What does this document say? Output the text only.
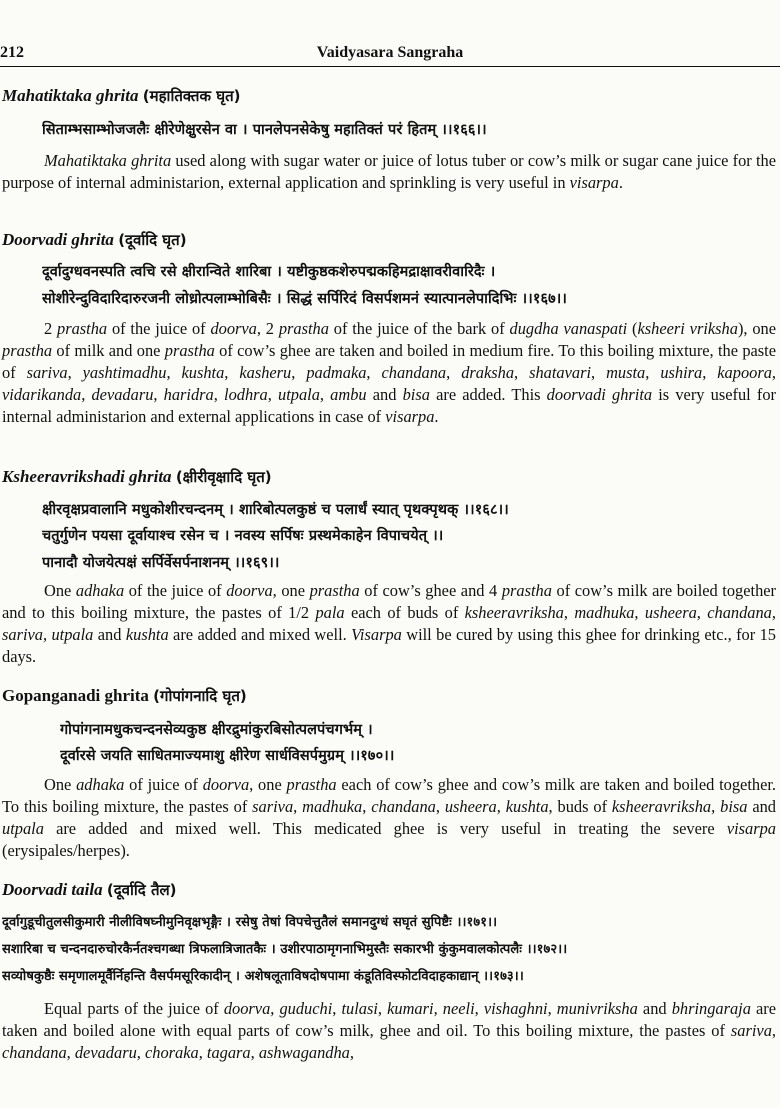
212	Vaidyasara Sangraha
Mahatiktaka ghrita (महातिक्तक घृत)
सिताम्भसाम्भोजजलैः क्षीरेणेक्षुरसेन वा । पानलेपनसेकेषु महातिक्तं परं हितम् ।।१६६।।

Mahatiktaka ghrita used along with sugar water or juice of lotus tuber or cow’s milk or sugar cane juice for the purpose of internal administarion, external application and sprinkling is very useful in visarpa.

Doorvadi ghrita (दूर्वादि घृत)
दूर्वादुग्धवनस्पति त्वचि रसे क्षीरान्विते शारिबा । यष्टीकुष्ठकशेरुपद्मकहिमद्राक्षावरीवारिदैः ।
सोशीरेन्दुविदारिदारुरजनी लोध्रोत्पलाम्भोबिसैः । सिद्धं सर्पिरिदं विसर्पशमनं स्यात्पानलेपादिभिः ।।१६७।।

2 prastha of the juice of doorva, 2 prastha of the juice of the bark of dugdha vanaspati (ksheeri vriksha), one prastha of milk and one prastha of cow’s ghee are taken and boiled in medium fire. To this boiling mixture, the paste of sariva, yashtimadhu, kushta, kasheru, padmaka, chandana, draksha, shatavari, musta, ushira, kapoora, vidarikanda, devadaru, haridra, lodhra, utpala, ambu and bisa are added. This doorvadi ghrita is very useful for internal administarion and external applications in case of visarpa.

Ksheeravrikshadi ghrita (क्षीरीवृक्षादि घृत)
क्षीरवृक्षप्रवालानि मधुकोशीरचन्दनम् । शारिबोत्पलकुष्ठं च पलार्धं स्यात् पृथक्पृथक् ।।१६८।।
चतुर्गुणेन पयसा दूर्वायाश्च रसेन च । नवस्य सर्पिषः प्रस्थमेकाहेन विपाचयेत् ।।
पानादौ योजयेत्पक्षं सर्पिर्वेसर्पनाशनम् ।।१६९।।

One adhaka of the juice of doorva, one prastha of cow’s ghee and 4 prastha of cow’s milk are boiled together and to this boiling mixture, the pastes of 1/2 pala each of buds of ksheeravriksha, madhuka, usheera, chandana, sariva, utpala and kushta are added and mixed well. Visarpa will be cured by using this ghee for drinking etc., for 15 days.

Gopanganadi ghrita (गोपांगनादि घृत)
गोपांगनामधुकचन्दनसेव्यकुष्ठ क्षीरद्रुमांकुरबिसोत्पलपंचगर्भम् ।
दूर्वारसे जयति साधितमाज्यमाशु क्षीरेण सार्धविसर्पमुग्रम् ।।१७०।।

One adhaka of juice of doorva, one prastha each of cow’s ghee and cow’s milk are taken and boiled together. To this boiling mixture, the pastes of sariva, madhuka, chandana, usheera, kushta, buds of ksheeravriksha, bisa and utpala are added and mixed well. This medicated ghee is very useful in treating the severe visarpa (erysipales/herpes).

Doorvadi taila (दूर्वादि तैल)
दूर्वागुडूचीतुलसीकुमारी नीलीविषघ्नीमुनिवृक्षभृङ्गैः । रसेषु तेषां विपचेत्तुतैलं समानदुग्धं सघृतं सुपिष्टैः ।।१७१।।
सशारिबा च चन्दनदारुचोरकैर्नतश्चगब्धा त्रिफलात्रिजातकैः । उशीरपाठामृगनाभिमुस्तैः सकारभी कुंकुमवालकोत्पलैः ।।१७२।।
सव्योषकुष्ठैः समृणालमूर्वैर्निहन्ति वैसर्पमसूरिकादीन् । अशेषलूताविषदोषपामा कंडूतिविस्फोटविदाहकाद्यान् ।।१७३।।

Equal parts of the juice of doorva, guduchi, tulasi, kumari, neeli, vishaghni, munivriksha and bhringaraja are taken and boiled alone with equal parts of cow’s milk, ghee and oil. To this boiling mixture, the pastes of sariva, chandana, devadaru, choraka, tagara, ashwagandha,
